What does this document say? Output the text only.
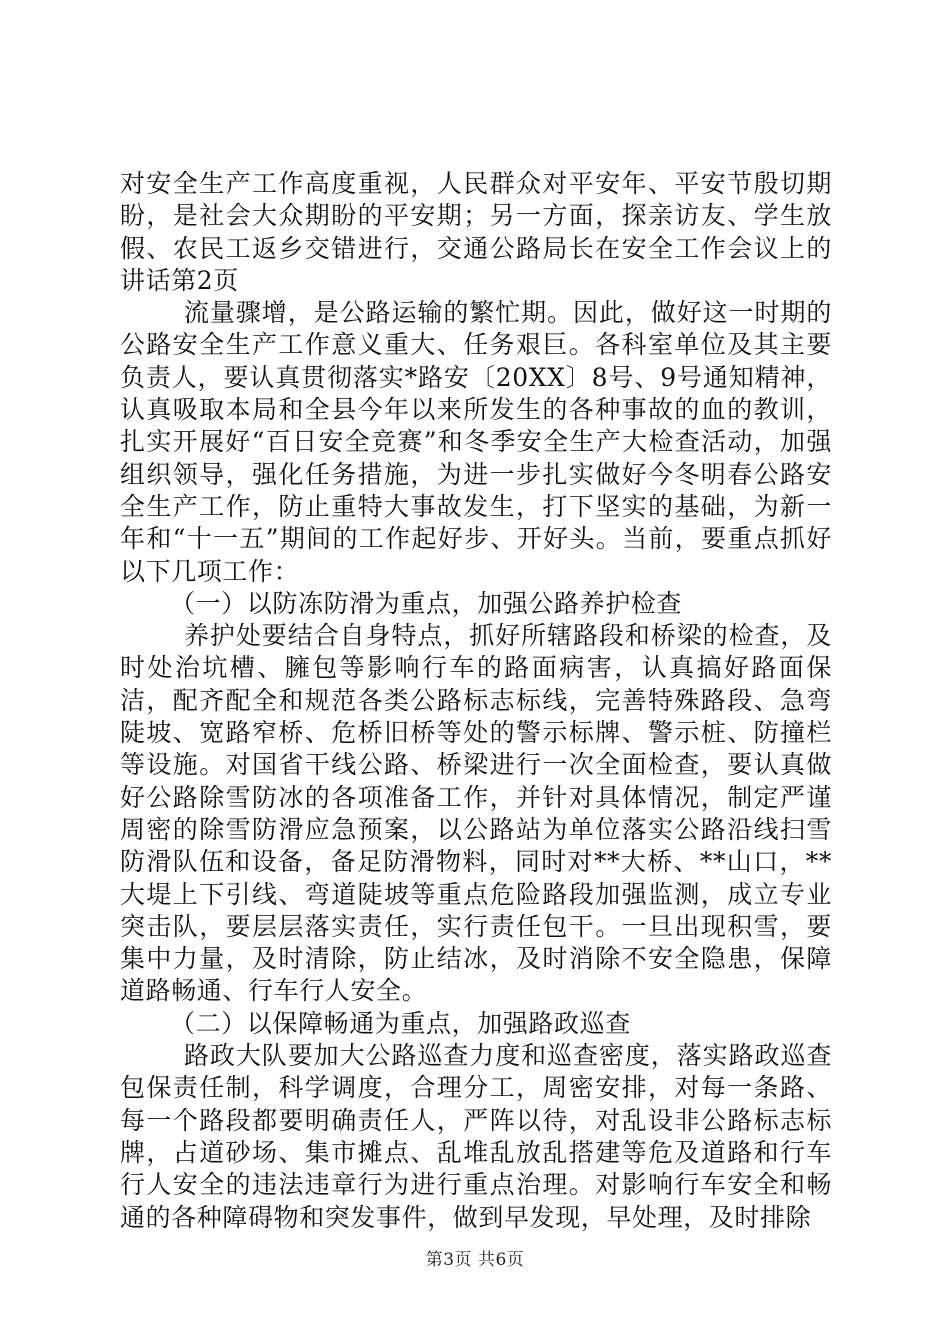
对安全生产工作高度重视，人民群众对平安年、平安节殷切期盼，是社会大众期盼的平安期；另一方面，探亲访友、学生放假、农民工返乡交错进行，交通公路局长在安全工作会议上的讲话第2页

流量骤增，是公路运输的繁忙期。因此，做好这一时期的公路安全生产工作意义重大、任务艰巨。各科室单位及其主要负责人，要认真贯彻落实*路安〔20XX〕8号、9号通知精神，认真吸取本局和全县今年以来所发生的各种事故的血的教训，扎实开展好“百日安全竞赛”和冬季安全生产大检查活动，加强组织领导，强化任务措施，为进一步扎实做好今冬明春公路安全生产工作，防止重特大事故发生，打下坚实的基础，为新一年和“十一五”期间的工作起好步、开好头。当前，要重点抓好以下几项工作：

（一）以防冻防滑为重点，加强公路养护检查

养护处要结合自身特点，抓好所辖路段和桥梁的检查，及时处治坑槽、臃包等影响行车的路面病害，认真搞好路面保洁，配齐配全和规范各类公路标志标线，完善特殊路段、急弯陡坡、宽路窄桥、危桥旧桥等处的警示标牌、警示桩、防撞栏等设施。对国省干线公路、桥梁进行一次全面检查，要认真做好公路除雪防冰的各项准备工作，并针对具体情况，制定严谨周密的除雪防滑应急预案，以公路站为单位落实公路沿线扫雪防滑队伍和设备，备足防滑物料，同时对**大桥、**山口，**大堤上下引线、弯道陡坡等重点危险路段加强监测，成立专业突击队，要层层落实责任，实行责任包干。一旦出现积雪，要集中力量，及时清除，防止结冰，及时消除不安全隐患，保障道路畅通、行车行人安全。

（二）以保障畅通为重点，加强路政巡查

路政大队要加大公路巡查力度和巡查密度，落实路政巡查包保责任制，科学调度，合理分工，周密安排，对每一条路、每一个路段都要明确责任人，严阵以待，对乱设非公路标志标牌，占道砂场、集市摊点、乱堆乱放乱搭建等危及道路和行车行人安全的违法违章行为进行重点治理。对影响行车安全和畅通的各种障碍物和突发事件，做到早发现，早处理，及时排除

第3页 共6页
